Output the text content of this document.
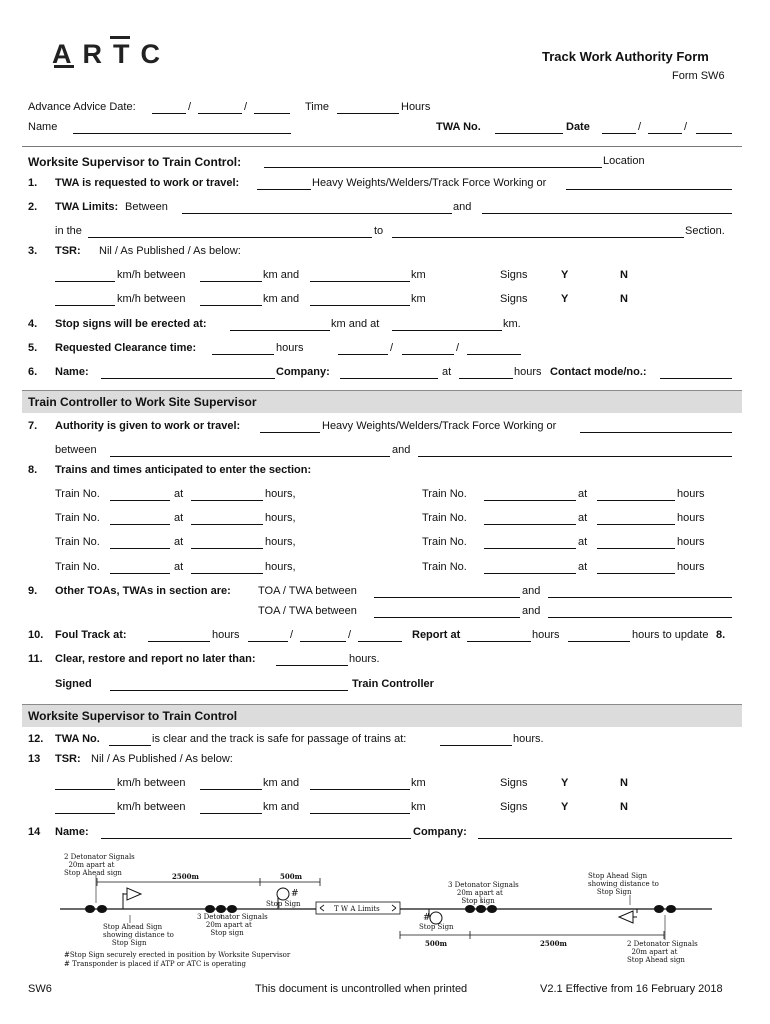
ARTC	Track Work Authority Form
Form SW6
Advance Advice Date:	/	/	Time	Hours
Name	TWA No.	Date	/	/
Worksite Supervisor to Train Control:	Location
1. TWA is requested to work or travel:	Heavy Weights/Welders/Track Force Working or
2. TWA Limits: Between	and
in the	to	Section.
3. TSR: Nil / As Published / As below:
km/h between	km and	km	Signs	Y	N
km/h between	km and	km	Signs	Y	N
4. Stop signs will be erected at:	km and at	km.
5. Requested Clearance time:	hours	/	/
6. Name:	Company:	at	hours Contact mode/no.:
Train Controller to Work Site Supervisor
7. Authority is given to work or travel:	Heavy Weights/Welders/Track Force Working or
between	and
8. Trains and times anticipated to enter the section:
Train No.	at	hours,	Train No.	at	hours
Train No.	at	hours,	Train No.	at	hours
Train No.	at	hours,	Train No.	at	hours
Train No.	at	hours,	Train No.	at	hours
9. Other TOAs, TWAs in section are: TOA / TWA between	and
TOA / TWA between	and
10. Foul Track at:	hours	/	/	Report at	hours	hours to update 8.
11. Clear, restore and report no later than:	hours.
Signed	Train Controller
Worksite Supervisor to Train Control
12. TWA No.	is clear and the track is safe for passage of trains at:	hours.
13 TSR: Nil / As Published / As below:
km/h between	km and	km	Signs	Y	N
km/h between	km and	km	Signs	Y	N
14 Name:	Company:
2 Detonator Signals
20m apart at
Stop Ahead sign	2500m	500m
#
Stop Sign
Stop Ahead Sign
showing distance to
Stop Sign
3 Detonator Signals
20m apart at
Stop sign
T W A Limits
#
Stop Sign
3 Detonator Signals
20m apart at
Stop sign
Stop Ahead Sign
showing distance to
Stop Sign
500m	2500m	2 Detonator Signals
20m apart at
Stop Ahead sign
#Stop Sign securely erected in position by Worksite Supervisor
# Transponder is placed if ATP or ATC is operating
SW6	This document is uncontrolled when printed	V2.1 Effective from 16 February 2018
